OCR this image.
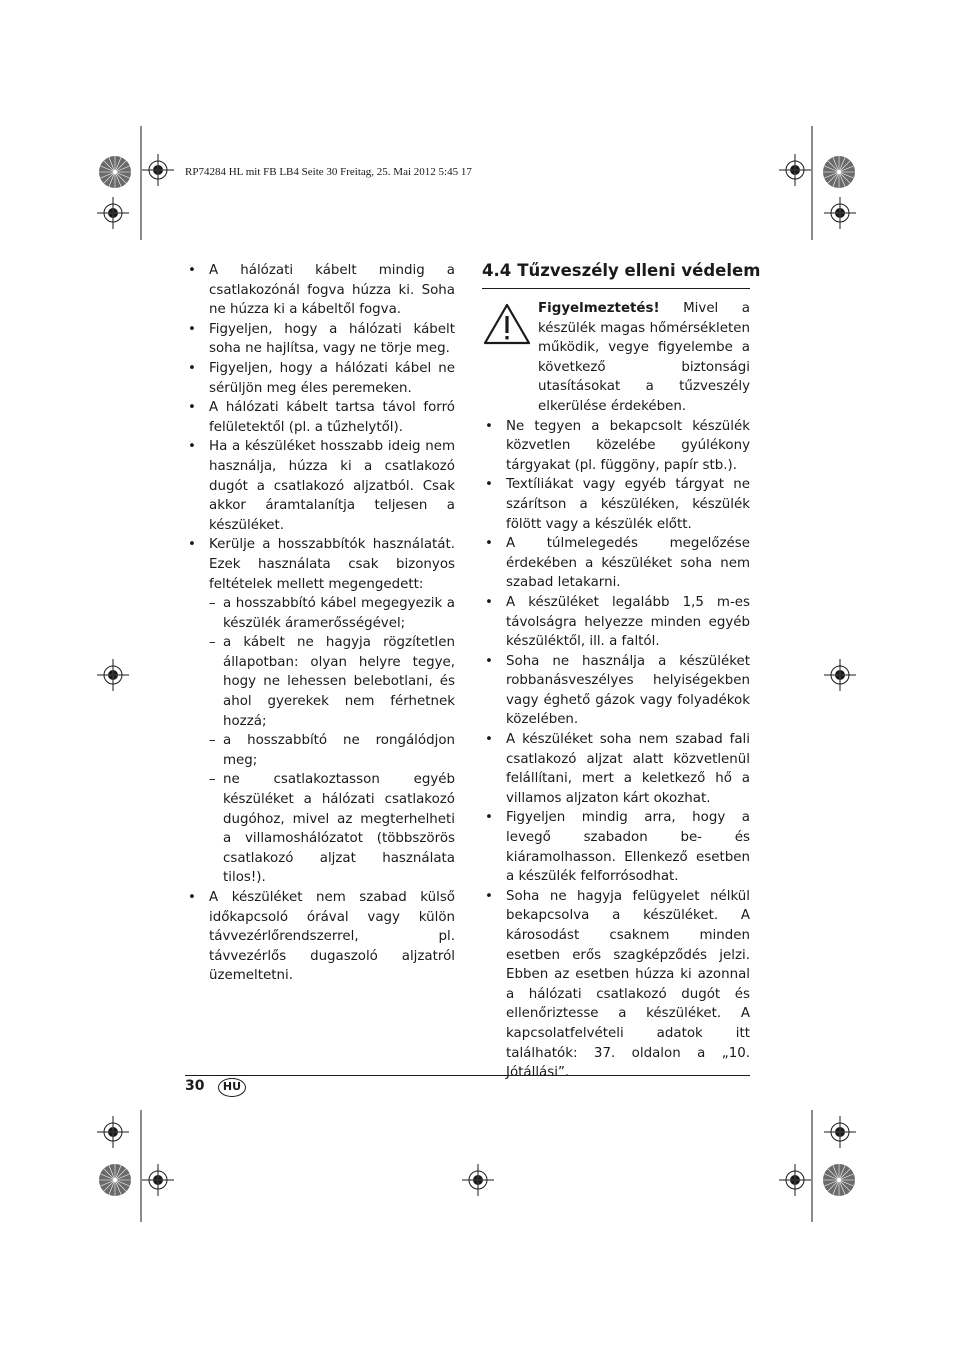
RP74284 HL mit FB LB4 Seite 30 Freitag, 25. Mai 2012 5:45 17
• A hálózati kábelt mindig a csatlakozónál fogva húzza ki. Soha ne húzza ki a kábeltől fogva.
• Figyeljen, hogy a hálózati kábelt soha ne hajlítsa, vagy ne törje meg.
• Figyeljen, hogy a hálózati kábel ne sérüljön meg éles peremeken.
• A hálózati kábelt tartsa távol forró felületektől (pl. a tűzhelytől).
• Ha a készüléket hosszabb ideig nem használja, húzza ki a csatlakozó dugót a csatlakozó aljzatból. Csak akkor áramtalanítja teljesen a készüléket.
• Kerülje a hosszabbítók használatát. Ezek használata csak bizonyos feltételek mellett megengedett:
– a hosszabbító kábel megegyezik a készülék áramerősségével;
– a kábelt ne hagyja rögzítetlen állapotban: olyan helyre tegye, hogy ne lehessen belebotlani, és ahol gyerekek nem férhetnek hozzá;
– a hosszabbító ne rongálódjon meg;
– ne csatlakoztasson egyéb készüléket a hálózati csatlakozó dugóhoz, mivel az megterhelheti a villamoshálózatot (többszörös csatlakozó aljzat használata tilos!).
• A készüléket nem szabad külső időkapcsoló órával vagy külön távvezérlőrendszerrel, pl. távvezérlős dugaszoló aljzatról üzemeltetni.
4.4 Tűzveszély elleni védelem
Figyelmeztetés! Mivel a készülék magas hőmérsékleten működik, vegye figyelembe a következő biztonsági utasításokat a tűzveszély elkerülése érdekében.
• Ne tegyen a bekapcsolt készülék közvetlen közelébe gyúlékony tárgyakat (pl. függöny, papír stb.).
• Textíliákat vagy egyéb tárgyat ne szárítson a készüléken, készülék fölött vagy a készülék előtt.
• A túlmelegedés megelőzése érdekében a készüléket soha nem szabad letakarni.
• A készüléket legalább 1,5 m-es távolságra helyezze minden egyéb készüléktől, ill. a faltól.
• Soha ne használja a készüléket robbanásveszélyes helyiségekben vagy éghető gázok vagy folyadékok közelében.
• A készüléket soha nem szabad fali csatlakozó aljzat alatt közvetlenül felállítani, mert a keletkező hő a villamos aljzaton kárt okozhat.
• Figyeljen mindig arra, hogy a levegő szabadon be- és kiáramolhasson. Ellenkező esetben a készülék felforrósodhat.
• Soha ne hagyja felügyelet nélkül bekapcsolva a készüléket. A károsodást csaknem minden esetben erős szagképződés jelzi. Ebben az esetben húzza ki azonnal a hálózati csatlakozó dugót és ellenőriztesse a készüléket. A kapcsolatfelvételi adatok itt találhatók: 37. oldalon a „10. Jótállási”.
30	HU
